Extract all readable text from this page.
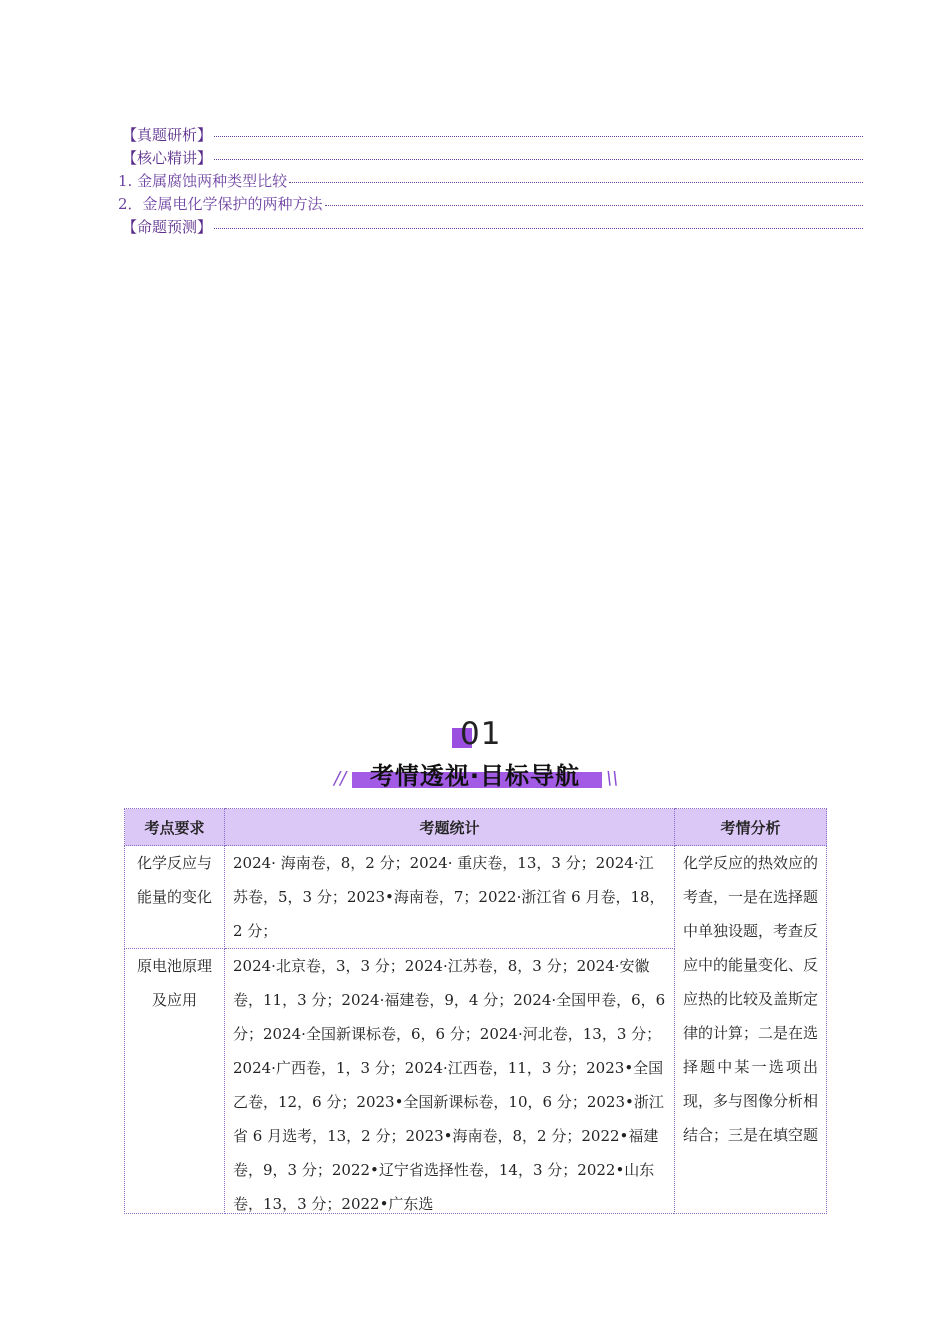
【真题研析】
【核心精讲】
1. 金属腐蚀两种类型比较
2．金属电化学保护的两种方法
【命题预测】
01
//	\\
考情透视·目标导航
考点要求	考题统计	考情分析
化学反应与能量的变化	2024· 海南卷，8，2 分；2024· 重庆卷，13，3 分；2024·江苏卷，5，3 分；2023•海南卷，7；2022·浙江省 6 月卷，18，2 分；	化学反应的热效应的考查，一是在选择题中单独设题，考查反应中的能量变化、反应热的比较及盖斯定律的计算；二是在选择题中某一选项出现，多与图像分析相结合；三是在填空题

原电池原理及应用	2024·北京卷，3，3 分；2024·江苏卷，8，3 分；2024·安徽卷，11，3 分；2024·福建卷，9，4 分；2024·全国甲卷，6，6 分；2024·全国新课标卷，6，6 分；2024·河北卷，13，3 分；2024·广西卷，1，3 分；2024·江西卷，11，3 分；2023•全国乙卷，12，6 分；2023•全国新课标卷，10，6 分；2023•浙江省 6 月选考，13，2 分；2023•海南卷，8，2 分；2022•福建卷，9，3 分；2022•辽宁省选择性卷，14，3 分；2022•山东卷，13，3 分；2022•广东选	
